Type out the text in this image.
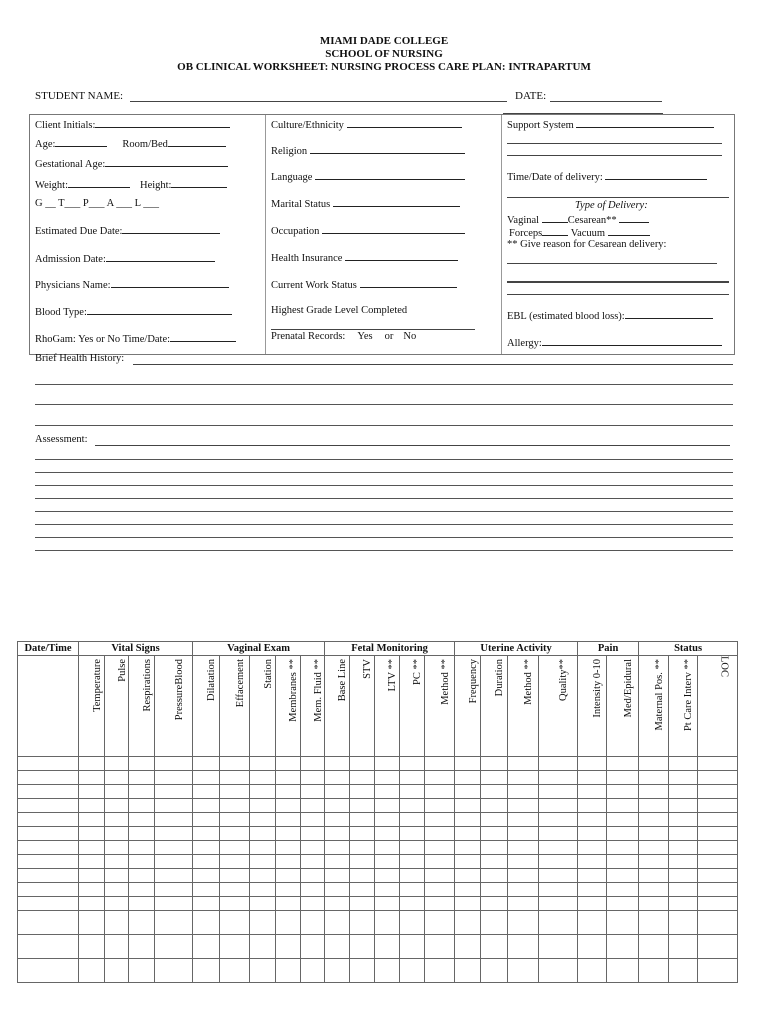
MIAMI DADE COLLEGE
SCHOOL OF NURSING
OB CLINICAL WORKSHEET: NURSING PROCESS CARE PLAN: INTRAPARTUM
STUDENT NAME:	DATE:
Client Initials:
Age:	Room/Bed
Gestational Age:
Weight:	Height:
G __ T___ P___ A ___ L ___
Estimated Due Date:
Admission Date:
Physicians Name:
Blood Type:
RhoGam: Yes or No Time/Date:
Culture/Ethnicity
Religion
Language
Marital Status
Occupation
Health Insurance
Current Work Status
Highest Grade Level Completed
Prenatal Records: Yes or No
Support System
Time/Date of delivery:
Type of Delivery:
Vaginal	Cesarean**
Forceps	Vacuum
** Give reason for Cesarean delivery:
EBL (estimated blood loss):
Allergy:
Brief Health History:
Assessment:
Date/Time	Vital Signs				Vaginal Exam					Fetal Monitoring					Uterine Activity				Pain		Status		

	Temperature	Pulse	Respirations	PressureBlood	Dilatation	Effacement	Station	Membranes **	Mem. Fluid **	Base Line	STV	LTV **	PC **	Method **	Frequency	Duration	Method **	Quality**	Intensity 0-10	Med/Epidural	Maternal Pos. **	Pt Care Interv **	LOC
